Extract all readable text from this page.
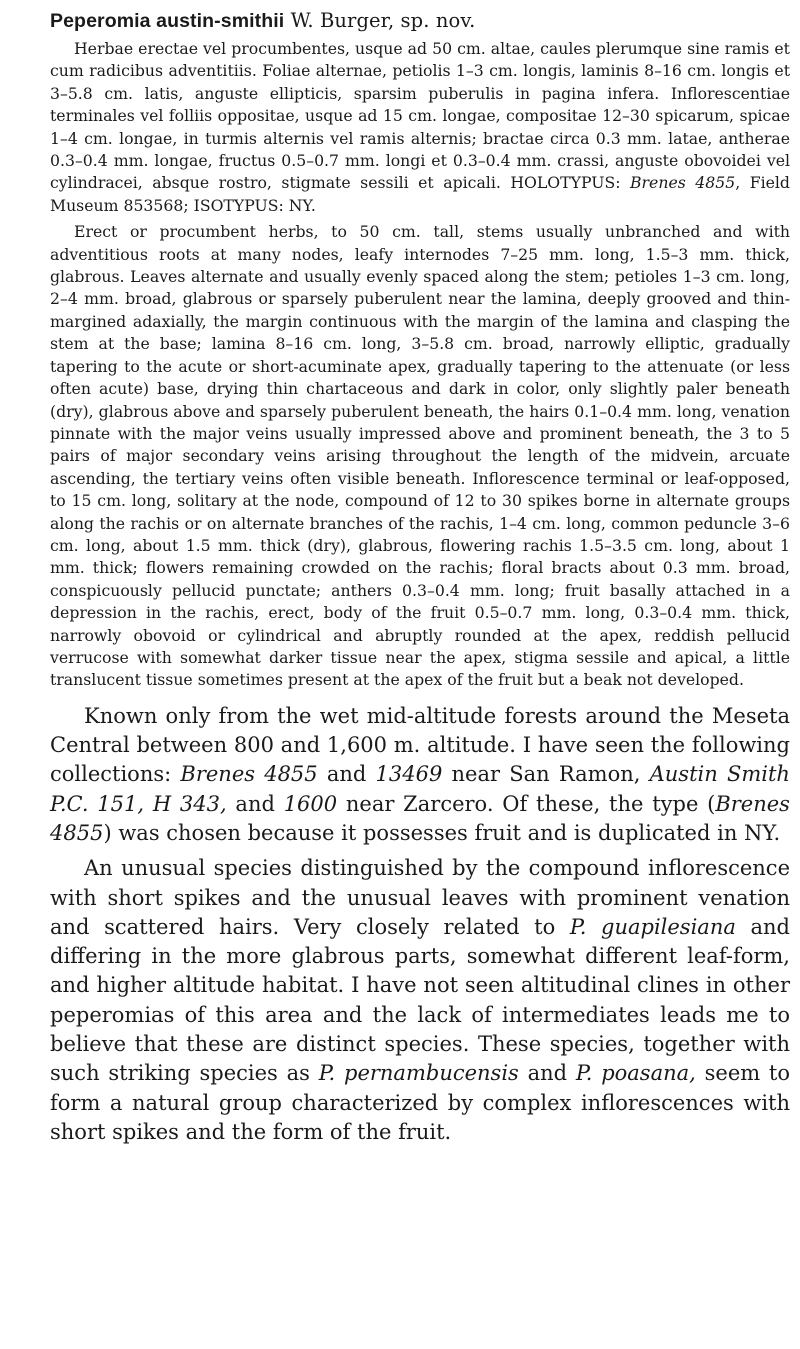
Peperomia austin-smithii W. Burger, sp. nov.

Herbae erectae vel procumbentes, usque ad 50 cm. altae, caules plerumque sine ramis et cum radicibus adventitiis. Foliae alternae, petiolis 1–3 cm. longis, laminis 8–16 cm. longis et 3–5.8 cm. latis, anguste ellipticis, sparsim puberulis in pagina infera. Inflorescentiae terminales vel folliis oppositae, usque ad 15 cm. longae, compositae 12–30 spicarum, spicae 1–4 cm. longae, in turmis alternis vel ramis alternis; bractae circa 0.3 mm. latae, antherae 0.3–0.4 mm. longae, fructus 0.5–0.7 mm. longi et 0.3–0.4 mm. crassi, anguste obovoidei vel cylindracei, absque rostro, stigmate sessili et apicali. HOLOTYPUS: Brenes 4855, Field Museum 853568; ISOTYPUS: NY.

Erect or procumbent herbs, to 50 cm. tall, stems usually unbranched and with adventitious roots at many nodes, leafy internodes 7–25 mm. long, 1.5–3 mm. thick, glabrous. Leaves alternate and usually evenly spaced along the stem; petioles 1–3 cm. long, 2–4 mm. broad, glabrous or sparsely puberulent near the lamina, deeply grooved and thin-margined adaxially, the margin continuous with the margin of the lamina and clasping the stem at the base; lamina 8–16 cm. long, 3–5.8 cm. broad, narrowly elliptic, gradually tapering to the acute or short-acuminate apex, gradually tapering to the attenuate (or less often acute) base, drying thin chartaceous and dark in color, only slightly paler beneath (dry), glabrous above and sparsely puberulent beneath, the hairs 0.1–0.4 mm. long, venation pinnate with the major veins usually impressed above and prominent beneath, the 3 to 5 pairs of major secondary veins arising throughout the length of the midvein, arcuate ascending, the tertiary veins often visible beneath. Inflorescence terminal or leaf-opposed, to 15 cm. long, solitary at the node, compound of 12 to 30 spikes borne in alternate groups along the rachis or on alternate branches of the rachis, 1–4 cm. long, common peduncle 3–6 cm. long, about 1.5 mm. thick (dry), glabrous, flowering rachis 1.5–3.5 cm. long, about 1 mm. thick; flowers remaining crowded on the rachis; floral bracts about 0.3 mm. broad, conspicuously pellucid punctate; anthers 0.3–0.4 mm. long; fruit basally attached in a depression in the rachis, erect, body of the fruit 0.5–0.7 mm. long, 0.3–0.4 mm. thick, narrowly obovoid or cylindrical and abruptly rounded at the apex, reddish pellucid verrucose with somewhat darker tissue near the apex, stigma sessile and apical, a little translucent tissue sometimes present at the apex of the fruit but a beak not developed.

Known only from the wet mid-altitude forests around the Meseta Central between 800 and 1,600 m. altitude. I have seen the following collections: Brenes 4855 and 13469 near San Ramon, Austin Smith P.C. 151, H 343, and 1600 near Zarcero. Of these, the type (Brenes 4855) was chosen because it possesses fruit and is duplicated in NY.

An unusual species distinguished by the compound inflorescence with short spikes and the unusual leaves with prominent venation and scattered hairs. Very closely related to P. guapilesiana and differing in the more glabrous parts, somewhat different leaf-form, and higher altitude habitat. I have not seen altitudinal clines in other peperomias of this area and the lack of intermediates leads me to believe that these are distinct species. These species, together with such striking species as P. pernambucensis and P. poasana, seem to form a natural group characterized by complex inflorescences with short spikes and the form of the fruit.
